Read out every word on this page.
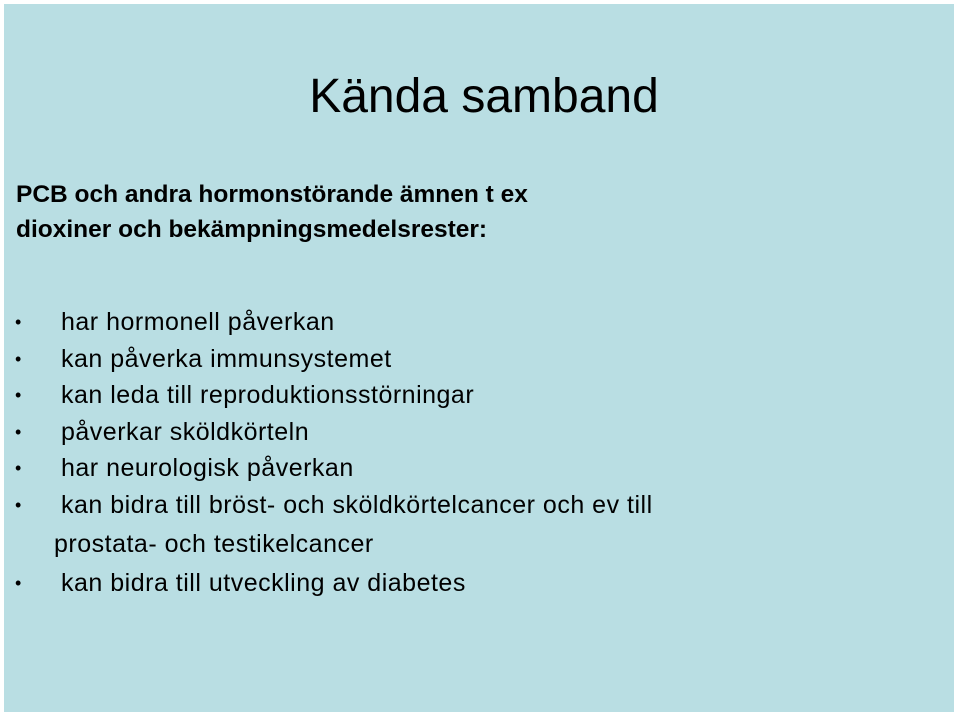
Kända samband
PCB och andra hormonstörande ämnen t ex
dioxiner och bekämpningsmedelsrester:
• har hormonell påverkan
• kan påverka immunsystemet
• kan leda till reproduktionsstörningar
• påverkar sköldkörteln
• har neurologisk påverkan
• kan bidra till bröst- och sköldkörtelcancer och ev till
prostata- och testikelcancer
• kan bidra till utveckling av diabetes
